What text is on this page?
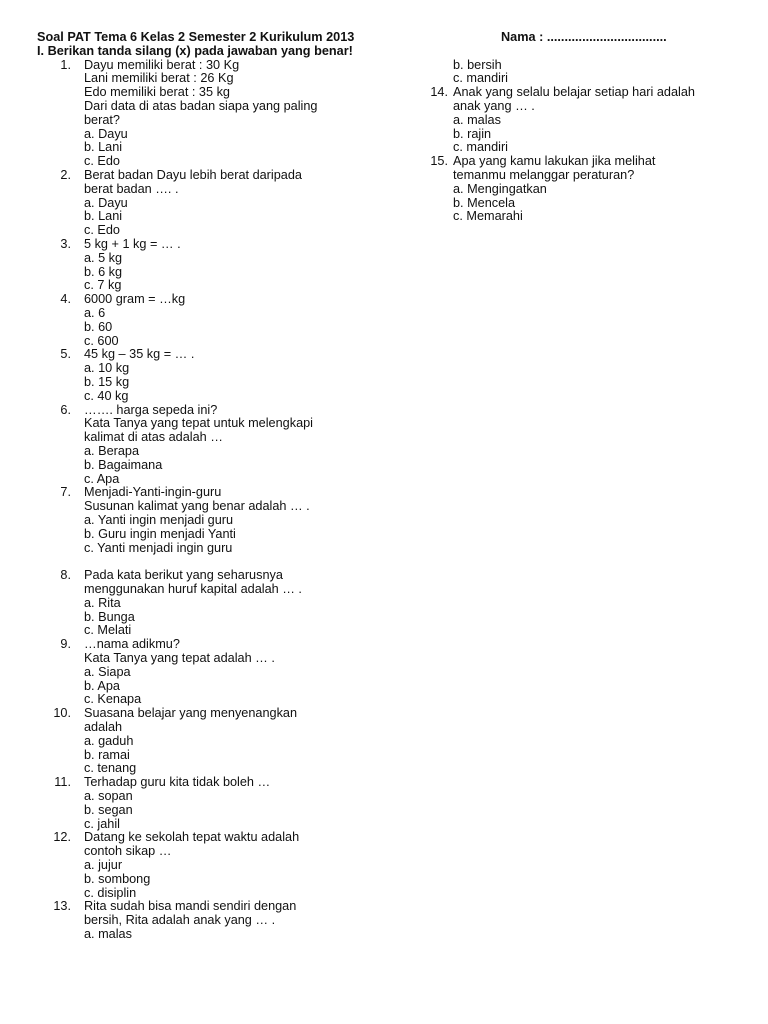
Soal PAT Tema 6 Kelas 2 Semester 2 Kurikulum 2013	Nama : ..................................
I. Berikan tanda silang (x) pada jawaban yang benar!
1. Dayu memiliki berat : 30 Kg
Lani memiliki berat : 26 Kg
Edo memiliki berat : 35 kg
Dari data di atas badan siapa yang paling
berat?
a. Dayu
b. Lani
c. Edo
2. Berat badan Dayu lebih berat daripada
berat badan …. .
a. Dayu
b. Lani
c. Edo
3. 5 kg + 1 kg = … .
a. 5 kg
b. 6 kg
c. 7 kg
4. 6000 gram = …kg
a. 6
b. 60
c. 600
5. 45 kg – 35 kg = … .
a. 10 kg
b. 15 kg
c. 40 kg
6. ……. harga sepeda ini?
Kata Tanya yang tepat untuk melengkapi
kalimat di atas adalah …
a. Berapa
b. Bagaimana
c. Apa
7. Menjadi-Yanti-ingin-guru
Susunan kalimat yang benar adalah … .
a. Yanti ingin menjadi guru
b. Guru ingin menjadi Yanti
c. Yanti menjadi ingin guru
8. Pada kata berikut yang seharusnya
menggunakan huruf kapital adalah … .
a. Rita
b. Bunga
c. Melati
9. …nama adikmu?
Kata Tanya yang tepat adalah … .
a. Siapa
b. Apa
c. Kenapa
10. Suasana belajar yang menyenangkan
adalah
a. gaduh
b. ramai
c. tenang
11. Terhadap guru kita tidak boleh …
a. sopan
b. segan
c. jahil
12. Datang ke sekolah tepat waktu adalah
contoh sikap …
a. jujur
b. sombong
c. disiplin
13. Rita sudah bisa mandi sendiri dengan
bersih, Rita adalah anak yang … .
a. malas
b. bersih
c. mandiri
14. Anak yang selalu belajar setiap hari adalah
anak yang … .
a. malas
b. rajin
c. mandiri
15. Apa yang kamu lakukan jika melihat
temanmu melanggar peraturan?
a. Mengingatkan
b. Mencela
c. Memarahi
